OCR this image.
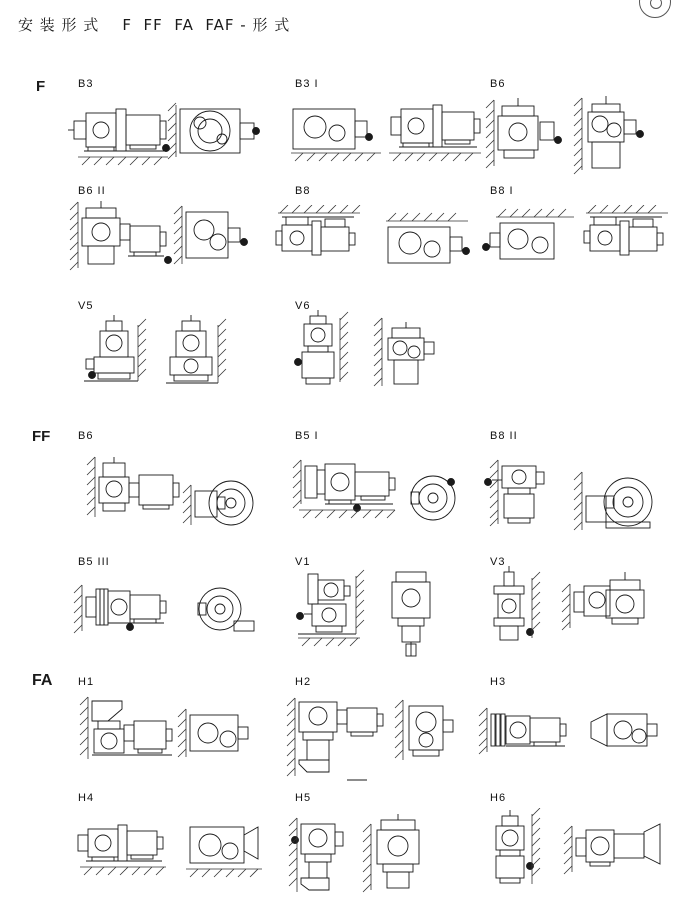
安 装 形 式    F  FF  FA  FAF - 形 式
F
FF
FA
B3	B3 I	B6
B6 II	B8	B8 I
V5	V6
B6	B5 I	B8 II
B5 III	V1	V3
H1	H2	H3
H4	H5	H6
